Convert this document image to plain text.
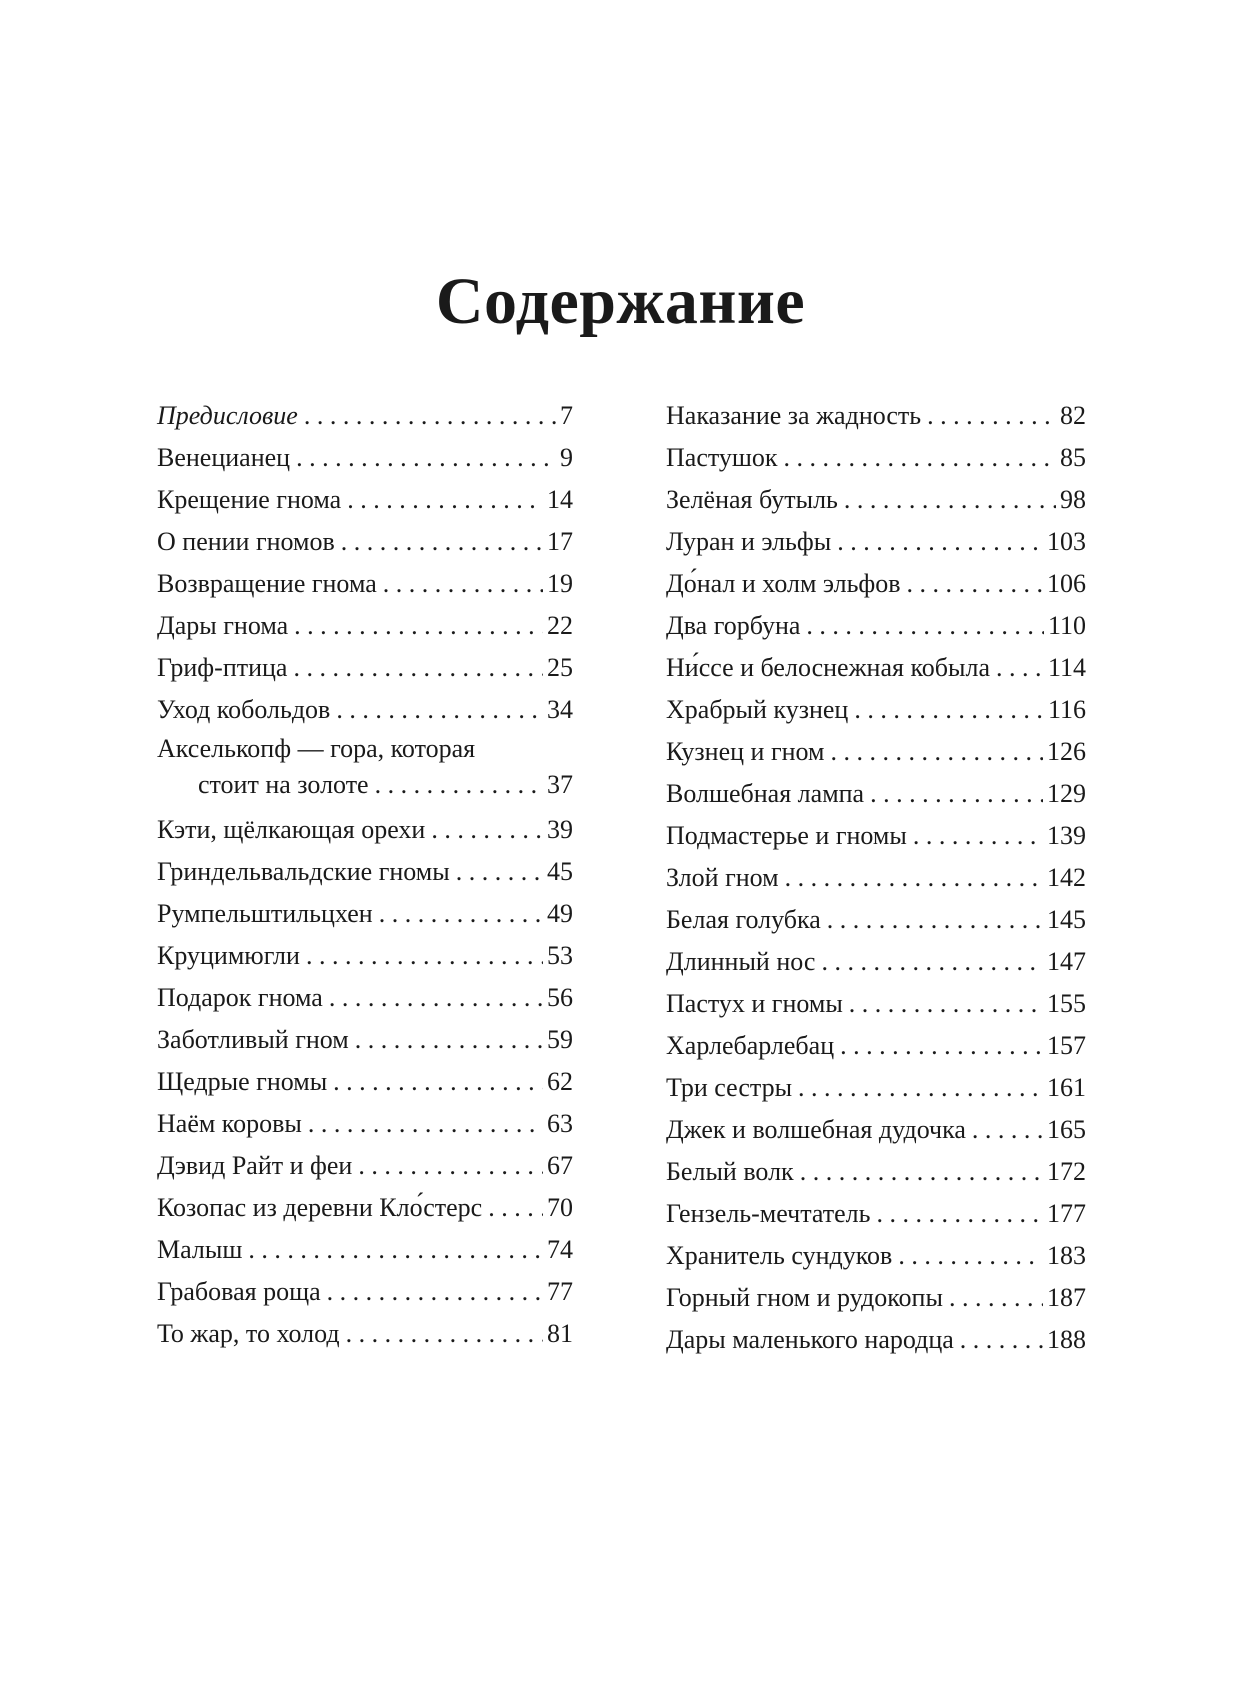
Содержание
Предисловие . . .	7
Венецианец . . .	9
Крещение гнома . . .	14
О пении гномов . . .	17
Возвращение гнома . . .	19
Дары гнома . . .	22
Гриф-птица . . .	25
Уход кобольдов . . .	34
Аксельк​опф — гора, которая
стоит на золоте . . .	37
Кэти, щёлкающая орехи . . .	39
Гриндельвальдские гномы . . .	45
Румпельштильцхен . . .	49
Круцимюгли . . .	53
Подарок гнома . . .	56
Заботливый гном . . .	59
Щедрые гномы . . .	62
Наём коровы . . .	63
Дэвид Райт и феи . . .	67
Козопас из деревни Кло́стерс . . . 70
Малыш . . .	74
Грабовая роща . . .	77
То жар, то холод . . .	81
Наказание за жадность . . .	82
Пастушок . . .	85
Зелёная бутыль . . .	98
Луран и эльфы . . .	103
До́нал и холм эльфов . . .	106
Два горбуна . . .	110
Ни́ссе и белоснежная кобыла . . . 114
Храбрый кузнец . . .	116
Кузнец и гном . . .	126
Волшебная лампа . . .	129
Подмастерье и гномы . . .	139
Злой гном . . .	142
Белая голубка . . .	145
Длинный нос . . .	147
Пастух и гномы . . .	155
Харлебарлебац . . .	157
Три сестры . . .	161
Джек и волшебная дудочка . . .	165
Белый волк . . .	172
Гензель-мечтатель . . .	177
Хранитель сундуков . . .	183
Горный гном и рудокопы . . .	187
Дары маленького народца . . .	188
